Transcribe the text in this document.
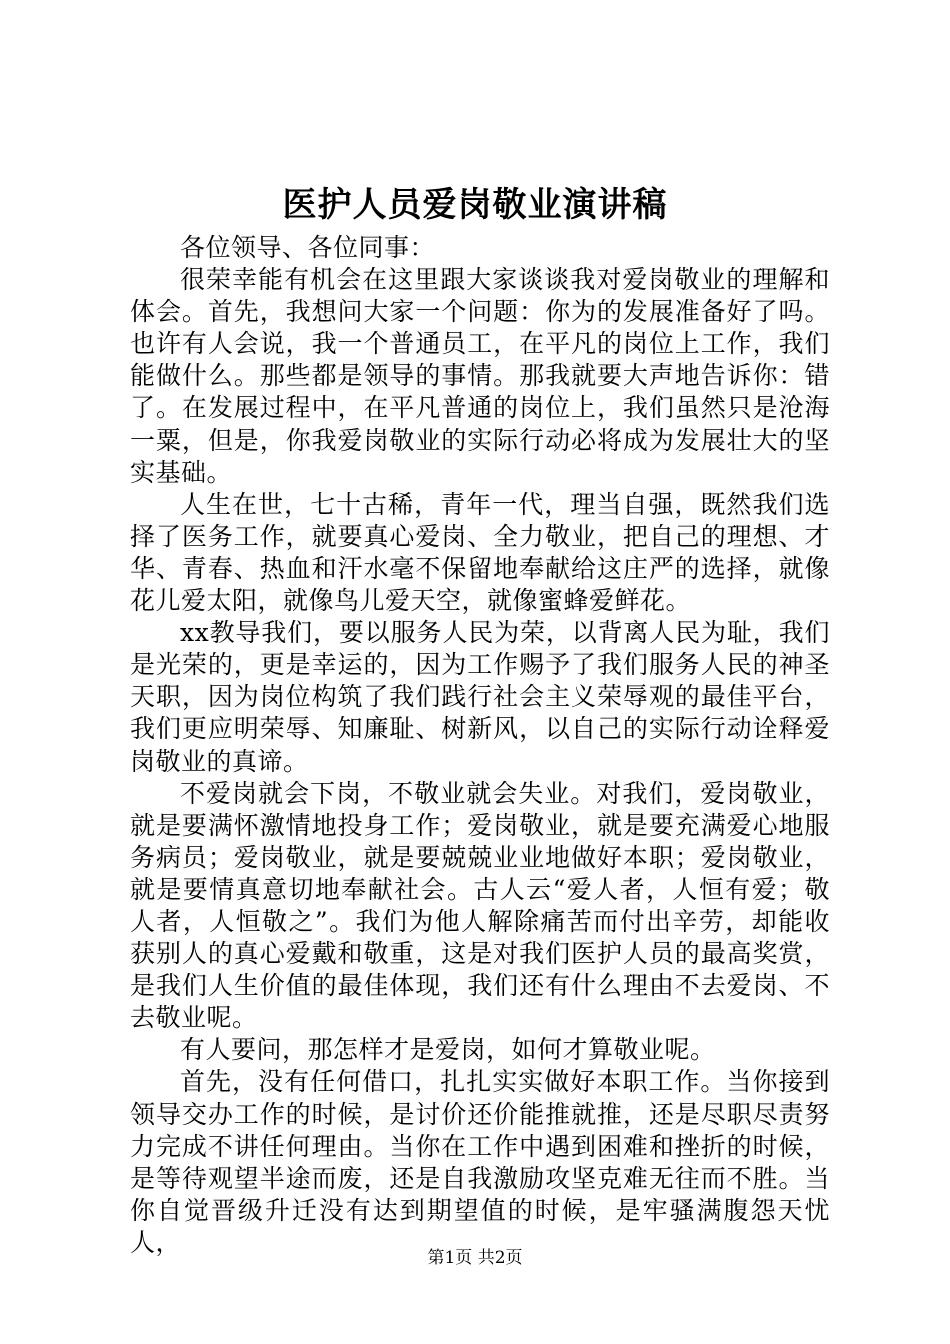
医护人员爱岗敬业演讲稿

各位领导、各位同事：

很荣幸能有机会在这里跟大家谈谈我对爱岗敬业的理解和体会。首先，我想问大家一个问题：你为的发展准备好了吗。也许有人会说，我一个普通员工，在平凡的岗位上工作，我们能做什么。那些都是领导的事情。那我就要大声地告诉你：错了。在发展过程中，在平凡普通的岗位上，我们虽然只是沧海一粟，但是，你我爱岗敬业的实际行动必将成为发展壮大的坚实基础。

人生在世，七十古稀，青年一代，理当自强，既然我们选择了医务工作，就要真心爱岗、全力敬业，把自己的理想、才华、青春、热血和汗水毫不保留地奉献给这庄严的选择，就像花儿爱太阳，就像鸟儿爱天空，就像蜜蜂爱鲜花。

xx教导我们，要以服务人民为荣，以背离人民为耻，我们是光荣的，更是幸运的，因为工作赐予了我们服务人民的神圣天职，因为岗位构筑了我们践行社会主义荣辱观的最佳平台，我们更应明荣辱、知廉耻、树新风，以自己的实际行动诠释爱岗敬业的真谛。

不爱岗就会下岗，不敬业就会失业。对我们，爱岗敬业，就是要满怀激情地投身工作；爱岗敬业，就是要充满爱心地服务病员；爱岗敬业，就是要兢兢业业地做好本职；爱岗敬业，就是要情真意切地奉献社会。古人云“爱人者，人恒有爱；敬人者，人恒敬之”。我们为他人解除痛苦而付出辛劳，却能收获别人的真心爱戴和敬重，这是对我们医护人员的最高奖赏，是我们人生价值的最佳体现，我们还有什么理由不去爱岗、不去敬业呢。

有人要问，那怎样才是爱岗，如何才算敬业呢。

首先，没有任何借口，扎扎实实做好本职工作。当你接到领导交办工作的时候，是讨价还价能推就推，还是尽职尽责努力完成不讲任何理由。当你在工作中遇到困难和挫折的时候，是等待观望半途而废，还是自我激励攻坚克难无往而不胜。当你自觉晋级升迁没有达到期望值的时候，是牢骚满腹怨天忧人，

第1页 共2页
